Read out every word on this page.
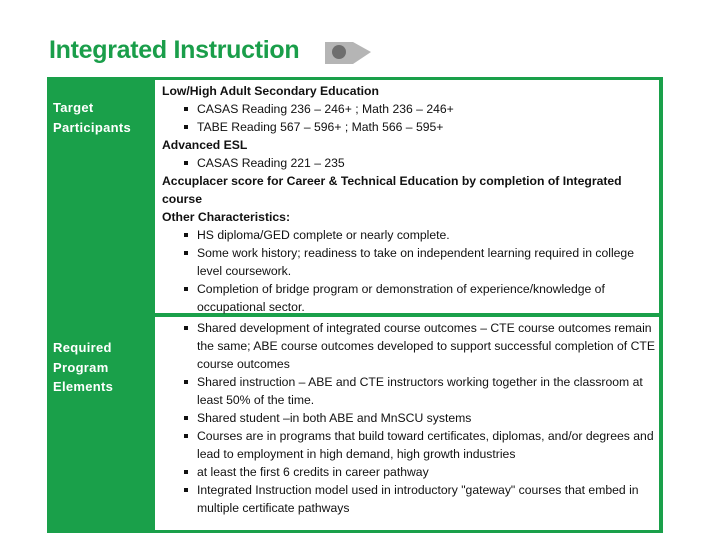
Integrated Instruction
Target
Participants
Low/High Adult Secondary Education
CASAS Reading 236 – 246+ ; Math 236 – 246+
TABE Reading 567 – 596+ ; Math 566 – 595+
Advanced ESL
CASAS Reading 221 – 235
Accuplacer score for Career & Technical Education by completion of Integrated course
Other Characteristics:
HS diploma/GED complete or nearly complete.
Some work history; readiness to take on independent learning required in college level coursework.
Completion of bridge program or demonstration of experience/knowledge of occupational sector.
Required
Program
Elements
Shared development of integrated course outcomes – CTE course outcomes remain the same; ABE course outcomes developed to support successful completion of CTE course outcomes
Shared instruction – ABE and CTE instructors working together in the classroom at least 50% of the time.
Shared student –in both ABE and MnSCU systems
Courses are in programs that build toward certificates, diplomas, and/or degrees and lead to employment in high demand, high growth industries
at least the first 6 credits in career pathway
Integrated Instruction model used in introductory "gateway" courses that embed in multiple certificate pathways
